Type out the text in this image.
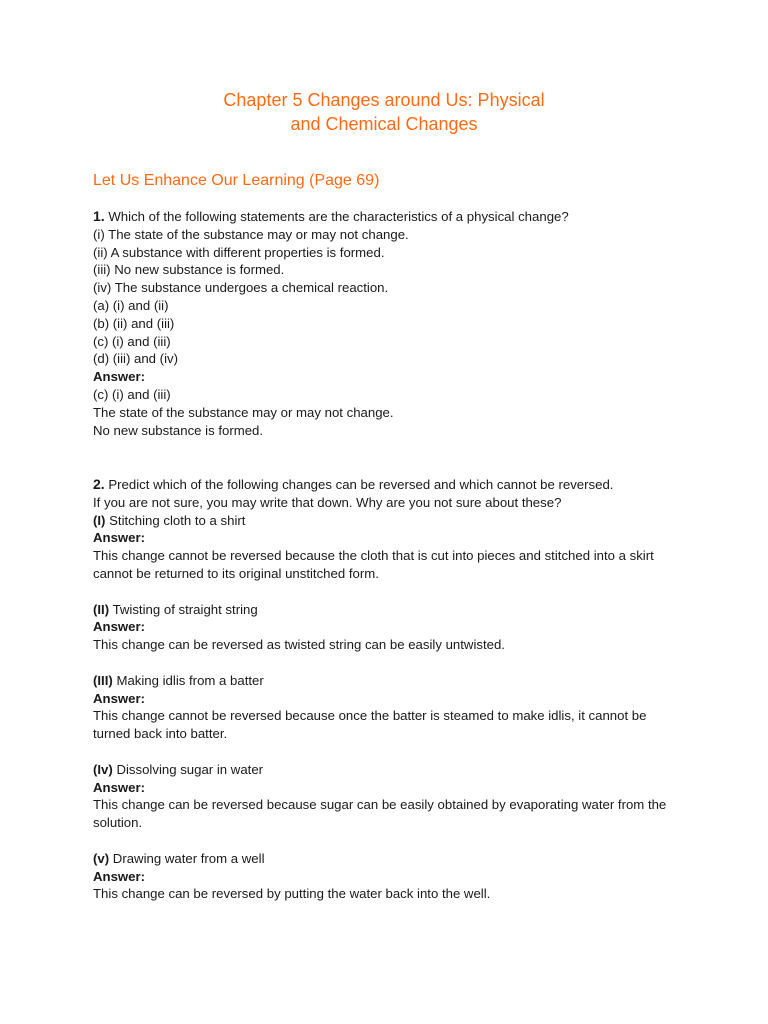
Chapter 5 Changes around Us: Physical
and Chemical Changes
Let Us Enhance Our Learning (Page 69)

1. Which of the following statements are the characteristics of a physical change?

(i) The state of the substance may or may not change.

(ii) A substance with different properties is formed.

(iii) No new substance is formed.

(iv) The substance undergoes a chemical reaction.

(a) (i) and (ii)

(b) (ii) and (iii)

(c) (i) and (iii)

(d) (iii) and (iv)

Answer:

(c) (i) and (iii)

The state of the substance may or may not change.

No new substance is formed.

2. Predict which of the following changes can be reversed and which cannot be reversed.

If you are not sure, you may write that down. Why are you not sure about these?

(I) Stitching cloth to a shirt

Answer:

This change cannot be reversed because the cloth that is cut into pieces and stitched into a skirt cannot be returned to its original unstitched form.

(II) Twisting of straight string

Answer:

This change can be reversed as twisted string can be easily untwisted.

(III) Making idlis from a batter

Answer:

This change cannot be reversed because once the batter is steamed to make idlis, it cannot be turned back into batter.

(Iv) Dissolving sugar in water

Answer:

This change can be reversed because sugar can be easily obtained by evaporating water from the solution.

(v) Drawing water from a well

Answer:

This change can be reversed by putting the water back into the well.
